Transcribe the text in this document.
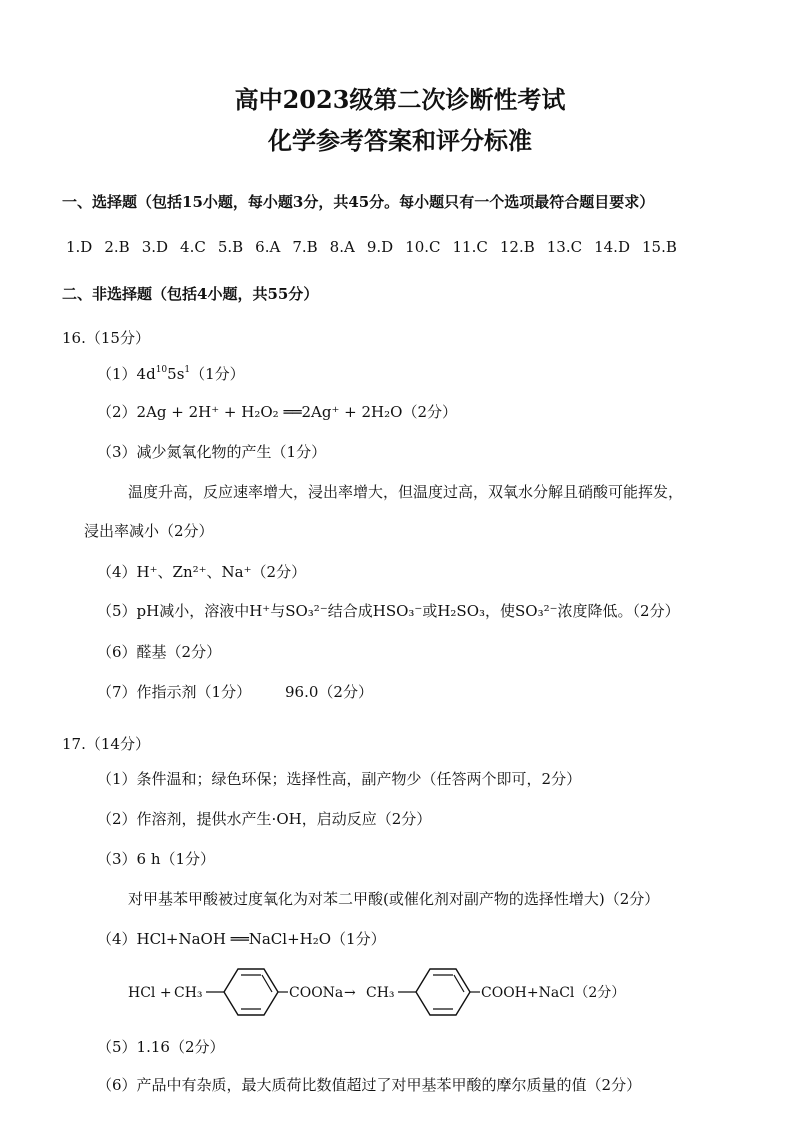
高中2023级第二次诊断性考试
化学参考答案和评分标准
一、选择题（包括15小题，每小题3分，共45分。每小题只有一个选项最符合题目要求）
1.D 2.B 3.D 4.C 5.B 6.A 7.B 8.A 9.D 10.C 11.C 12.B 13.C 14.D 15.B
二、非选择题（包括4小题，共55分）
16.（15分）
$(1)4d^{10}5s^1(1$分）
（2）2Ag + 2H⁺ + H₂O₂ ══2Ag⁺ + 2H₂O（2分）
（3）减少氮氧化物的产生（1分）
温度升高，反应速率增大，浸出率增大，但温度过高，双氧水分解且硝酸可能挥发，
浸出率减小（2分）
（4）H⁺、Zn²⁺、Na⁺（2分）
（5）pH减小，溶液中H⁺与SO₃²⁻结合成HSO₃⁻或H₂SO₃，使SO₃²⁻浓度降低。（2分）
（6）醛基（2分）
（7）作指示剂（1分） 96.0（2分）
17.（14分）
（1）条件温和；绿色环保；选择性高，副产物少（任答两个即可，2分）
（2）作溶剂，提供水产生·OH，启动反应（2分）
（3）6 h（1分）
对甲基苯甲酸被过度氧化为对苯二甲酸(或催化剂对副产物的选择性增大)（2分）
（4）HCl+NaOH ══NaCl+H₂O（1分）
HCl + CH₃	COONa → CH₃	COOH+NaCl（2分）
（5）1.16（2分）
（6）产品中有杂质，最大质荷比数值超过了对甲基苯甲酸的摩尔质量的值（2分）
